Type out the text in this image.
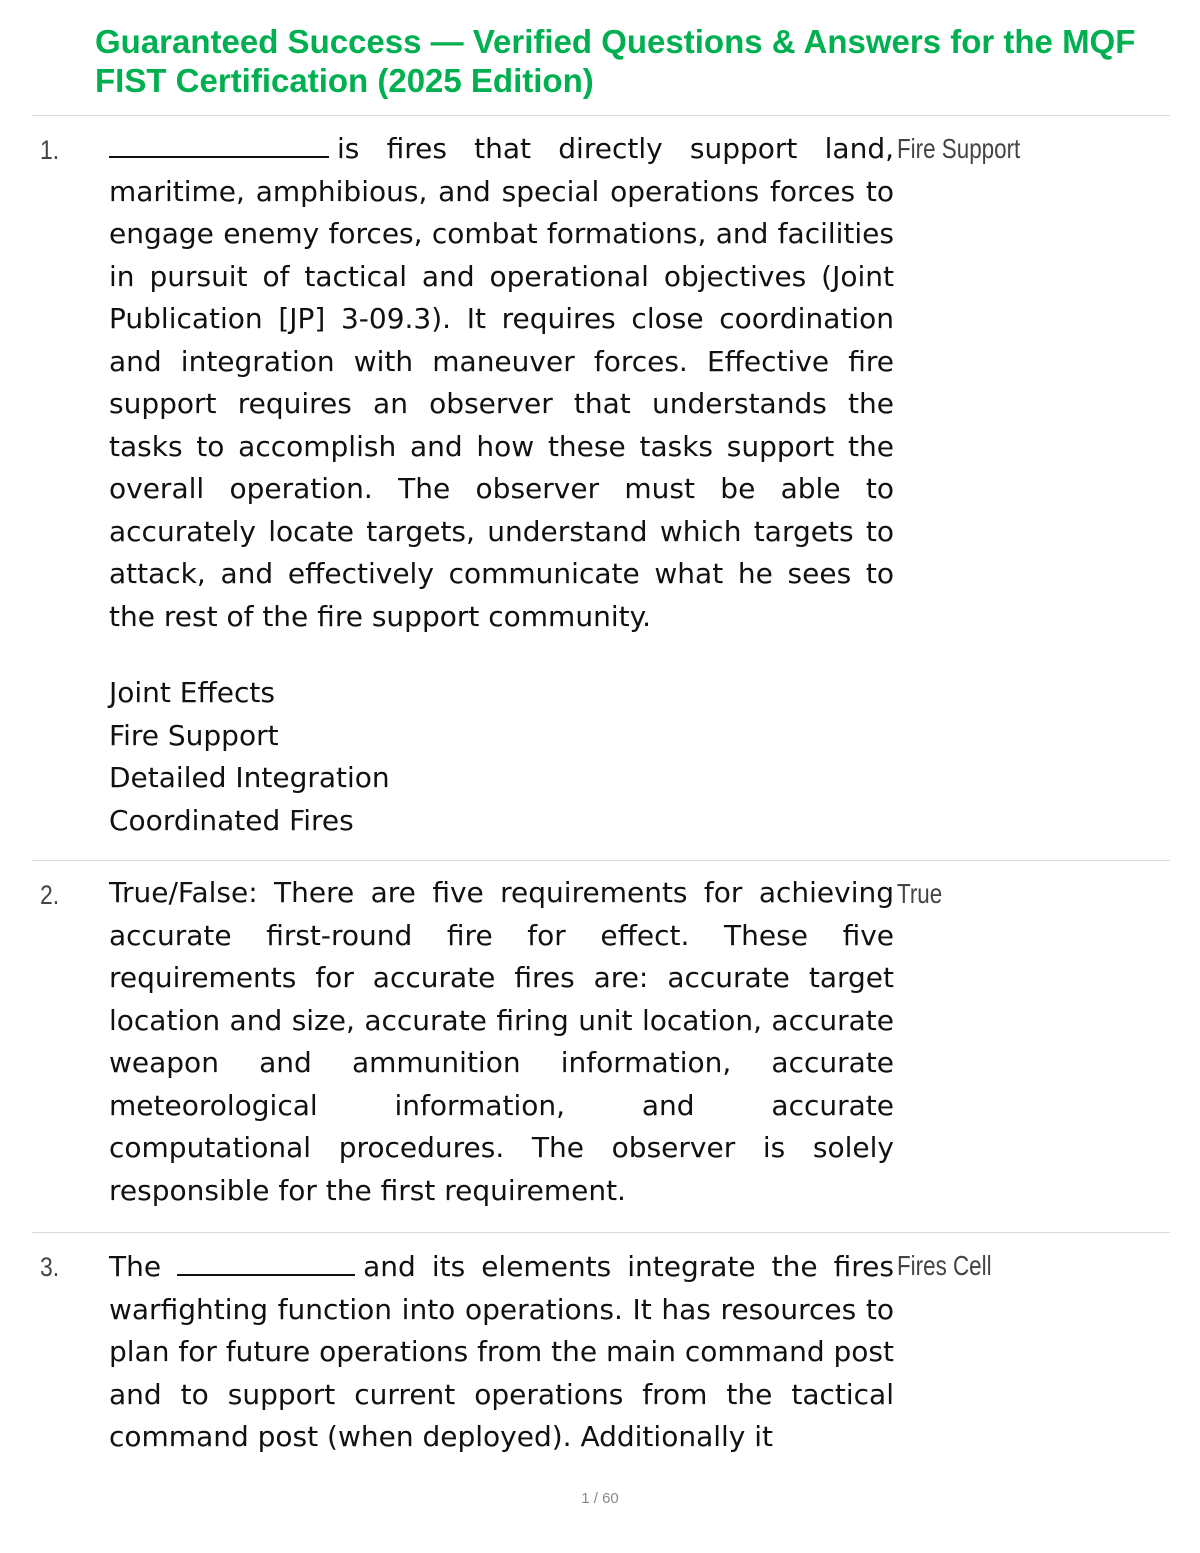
Guaranteed Success — Verified Questions & Answers for the MQF FIST Certification (2025 Edition)
1.	is fires that directly support land, maritime, amphibious, and special operations forces to engage enemy forces, combat formations, and facilities in pursuit of tactical and operational objectives (Joint Publication [JP] 3-09.3). It requires close coordination and integration with maneuver forces. Effective fire support requires an observer that understands the tasks to accomplish and how these tasks support the overall operation. The observer must be able to accurately locate targets, understand which targets to attack, and effectively communicate what he sees to the rest of the fire support community.

Fire Support
Joint Effects
Fire Support
Detailed Integration
Coordinated Fires
2. True/False: There are five requirements for achieving accurate first-round fire for effect. These five requirements for accurate fires are: accurate target location and size, accurate firing unit location, accurate weapon and ammunition information, accurate meteorological information, and accurate computational procedures. The observer is solely responsible for the first requirement.

True
3. The	and its elements integrate the fires warfighting function into operations. It has resources to plan for future operations from the main command post and to support current operations from the tactical command post (when deployed). Additionally it

Fires Cell
1 / 60
